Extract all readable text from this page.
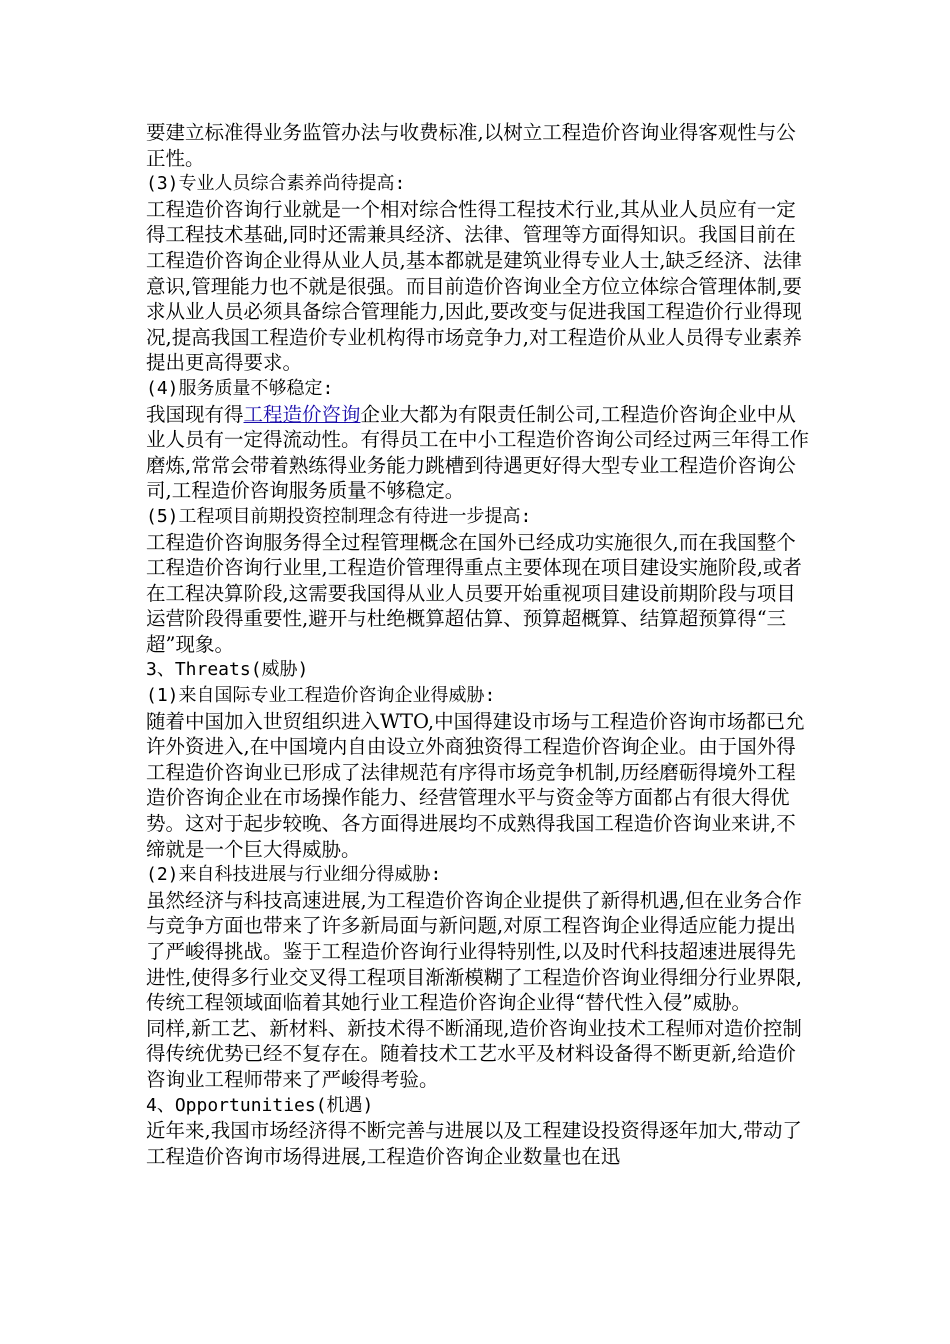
要建立标准得业务监管办法与收费标准,以树立工程造价咨询业得客观性与公正性。

(3)专业人员综合素养尚待提高:

工程造价咨询行业就是一个相对综合性得工程技术行业,其从业人员应有一定得工程技术基础,同时还需兼具经济、法律、管理等方面得知识。我国目前在工程造价咨询企业得从业人员,基本都就是建筑业得专业人士,缺乏经济、法律意识,管理能力也不就是很强。而目前造价咨询业全方位立体综合管理体制,要求从业人员必须具备综合管理能力,因此,要改变与促进我国工程造价行业得现况,提高我国工程造价专业机构得市场竞争力,对工程造价从业人员得专业素养提出更高得要求。

(4)服务质量不够稳定:

我国现有得工程造价咨询企业大都为有限责任制公司,工程造价咨询企业中从业人员有一定得流动性。有得员工在中小工程造价咨询公司经过两三年得工作磨炼,常常会带着熟练得业务能力跳槽到待遇更好得大型专业工程造价咨询公司,工程造价咨询服务质量不够稳定。

(5)工程项目前期投资控制理念有待进一步提高:

工程造价咨询服务得全过程管理概念在国外已经成功实施很久,而在我国整个工程造价咨询行业里,工程造价管理得重点主要体现在项目建设实施阶段,或者在工程决算阶段,这需要我国得从业人员要开始重视项目建设前期阶段与项目运营阶段得重要性,避开与杜绝概算超估算、预算超概算、结算超预算得“三超”现象。

3、Threats(威胁)

(1)来自国际专业工程造价咨询企业得威胁:

随着中国加入世贸组织进入WTO,中国得建设市场与工程造价咨询市场都已允许外资进入,在中国境内自由设立外商独资得工程造价咨询企业。由于国外得工程造价咨询业已形成了法律规范有序得市场竞争机制,历经磨砺得境外工程造价咨询企业在市场操作能力、经营管理水平与资金等方面都占有很大得优势。这对于起步较晚、各方面得进展均不成熟得我国工程造价咨询业来讲,不缔就是一个巨大得威胁。

(2)来自科技进展与行业细分得威胁:

虽然经济与科技高速进展,为工程造价咨询企业提供了新得机遇,但在业务合作与竞争方面也带来了许多新局面与新问题,对原工程咨询企业得适应能力提出了严峻得挑战。鉴于工程造价咨询行业得特别性,以及时代科技超速进展得先进性,使得多行业交叉得工程项目渐渐模糊了工程造价咨询业得细分行业界限,传统工程领域面临着其她行业工程造价咨询企业得“替代性入侵”威胁。

同样,新工艺、新材料、新技术得不断涌现,造价咨询业技术工程师对造价控制得传统优势已经不复存在。随着技术工艺水平及材料设备得不断更新,给造价咨询业工程师带来了严峻得考验。

4、Opportunities(机遇)

近年来,我国市场经济得不断完善与进展以及工程建设投资得逐年加大,带动了工程造价咨询市场得进展,工程造价咨询企业数量也在迅
